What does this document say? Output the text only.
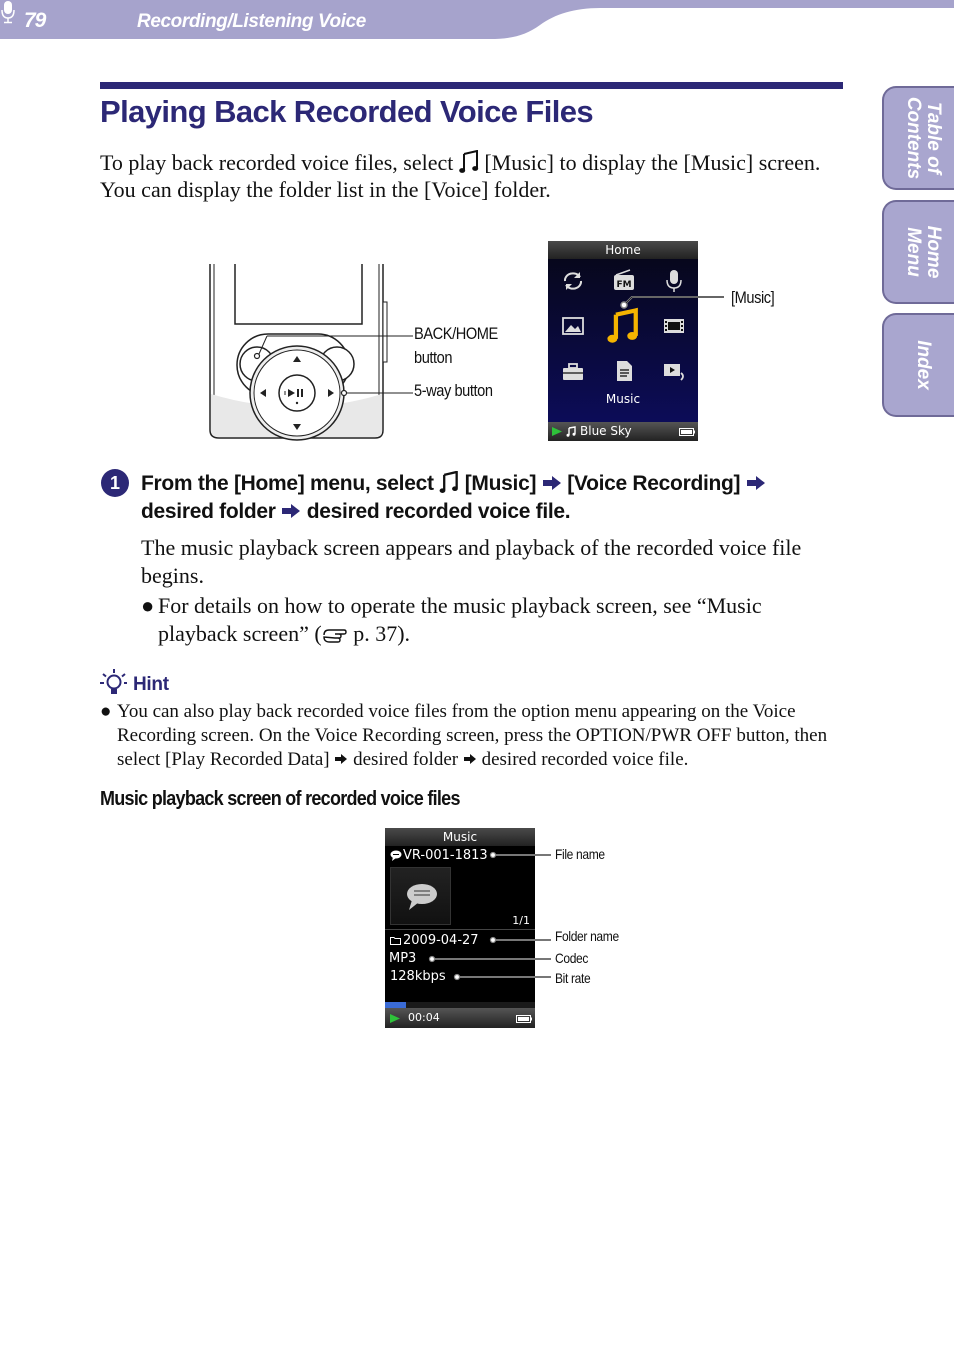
79	Recording/Listening Voice
Table of
Contents
Home
Menu
Index
Playing Back Recorded Voice Files

To play back recorded voice files, select  [Music] to display the [Music] screen. You can display the folder list in the [Voice] folder.

BACK/HOME
button
5-way button
Home
FM
Music
Blue Sky
[Music]
1	From the [Home] menu, select  [Music]  [Voice Recording]
desired folder  desired recorded voice file.

The music playback screen appears and playback of the recorded voice file begins.

● For details on how to operate the music playback screen, see “Music playback screen” ( p. 37).
Hint
● You can also play back recorded voice files from the option menu appearing on the Voice Recording screen. On the Voice Recording screen, press the OPTION/PWR OFF button, then select [Play Recorded Data]  desired folder  desired recorded voice file.
Music playback screen of recorded voice files
Music
VR-001-1813
1/1
2009-04-27
MP3
128kbps
00:04
File name
Folder name
Codec
Bit rate
